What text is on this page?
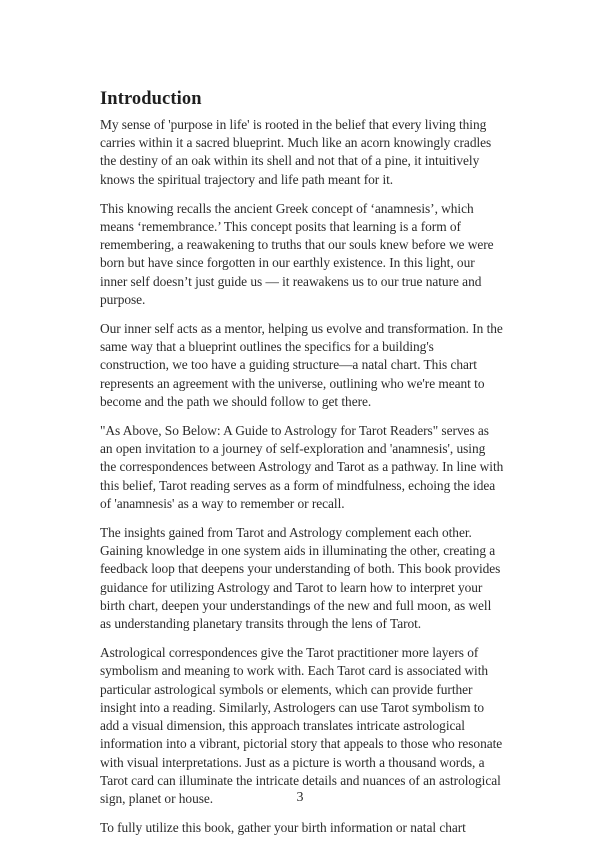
Introduction

My sense of 'purpose in life' is rooted in the belief that every living thing carries within it a sacred blueprint. Much like an acorn knowingly cradles the destiny of an oak within its shell and not that of a pine, it intuitively knows the spiritual trajectory and life path meant for it.

This knowing recalls the ancient Greek concept of ‘anamnesis’, which means ‘remembrance.’ This concept posits that learning is a form of remembering, a reawakening to truths that our souls knew before we were born but have since forgotten in our earthly existence. In this light, our inner self doesn’t just guide us — it reawakens us to our true nature and purpose.

Our inner self acts as a mentor, helping us evolve and transformation. In the same way that a blueprint outlines the specifics for a building's construction, we too have a guiding structure—a natal chart. This chart represents an agreement with the universe, outlining who we're meant to become and the path we should follow to get there.

"As Above, So Below: A Guide to Astrology for Tarot Readers" serves as an open invitation to a journey of self-exploration and 'anamnesis', using the correspondences between Astrology and Tarot as a pathway. In line with this belief, Tarot reading serves as a form of mindfulness, echoing the idea of 'anamnesis' as a way to remember or recall.

The insights gained from Tarot and Astrology complement each other. Gaining knowledge in one system aids in illuminating the other, creating a feedback loop that deepens your understanding of both. This book provides guidance for utilizing Astrology and Tarot to learn how to interpret your birth chart, deepen your understandings of the new and full moon, as well as understanding planetary transits through the lens of Tarot.

Astrological correspondences give the Tarot practitioner more layers of symbolism and meaning to work with. Each Tarot card is associated with particular astrological symbols or elements, which can provide further insight into a reading. Similarly, Astrologers can use Tarot symbolism to add a visual dimension, this approach translates intricate astrological information into a vibrant, pictorial story that appeals to those who resonate with visual interpretations. Just as a picture is worth a thousand words, a Tarot card can illuminate the intricate details and nuances of an astrological sign, planet or house.

To fully utilize this book, gather your birth information or natal chart

3
